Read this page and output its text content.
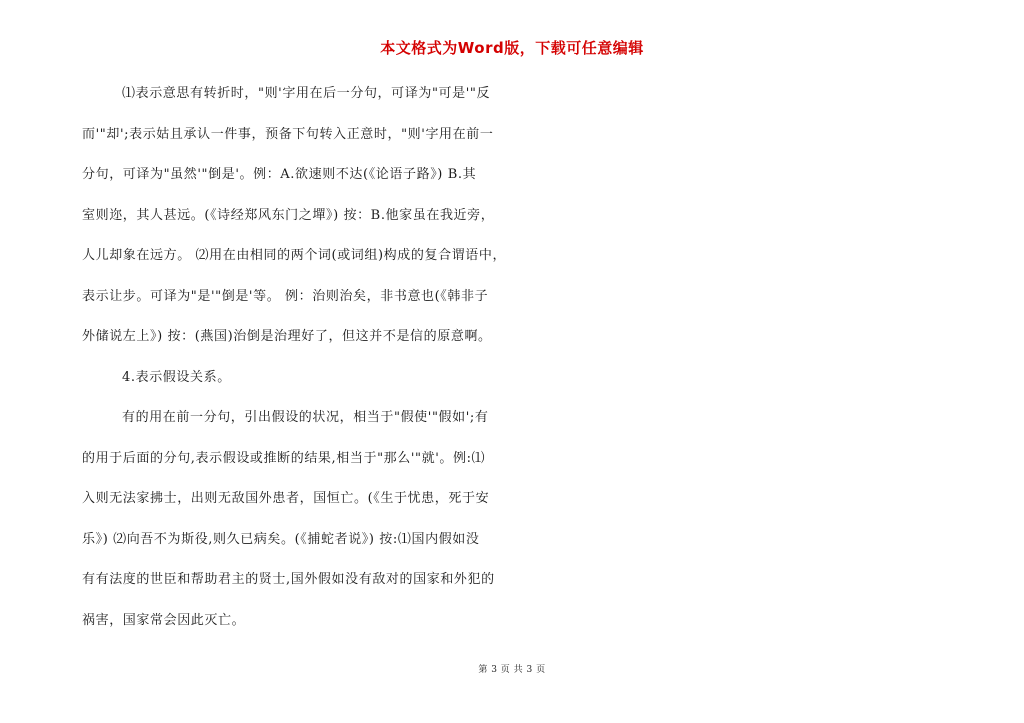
本文格式为Word版，下载可任意编辑
⑴表示意思有转折时，"则'字用在后一分句，可译为"可是'"反
而'"却';表示姑且承认一件事，预备下句转入正意时，"则'字用在前一
分句，可译为"虽然'"倒是'。例：A.欲速则不达(《论语子路》) B.其
室则迩，其人甚远。(《诗经郑风东门之墠》) 按：B.他家虽在我近旁，
人儿却象在远方。 ⑵用在由相同的两个词(或词组)构成的复合谓语中，
表示让步。可译为"是'"倒是'等。 例：治则治矣，非书意也(《韩非子
外储说左上》) 按：(燕国)治倒是治理好了，但这并不是信的原意啊。
4.表示假设关系。
有的用在前一分句，引出假设的状况，相当于"假使'"假如';有
的用于后面的分句,表示假设或推断的结果,相当于"那么'"就'。例:⑴
入则无法家拂士，出则无敌国外患者，国恒亡。(《生于忧患，死于安
乐》) ⑵向吾不为斯役,则久已病矣。(《捕蛇者说》) 按:⑴国内假如没
有有法度的世臣和帮助君主的贤士,国外假如没有敌对的国家和外犯的
祸害，国家常会因此灭亡。
第 3 页 共 3 页
